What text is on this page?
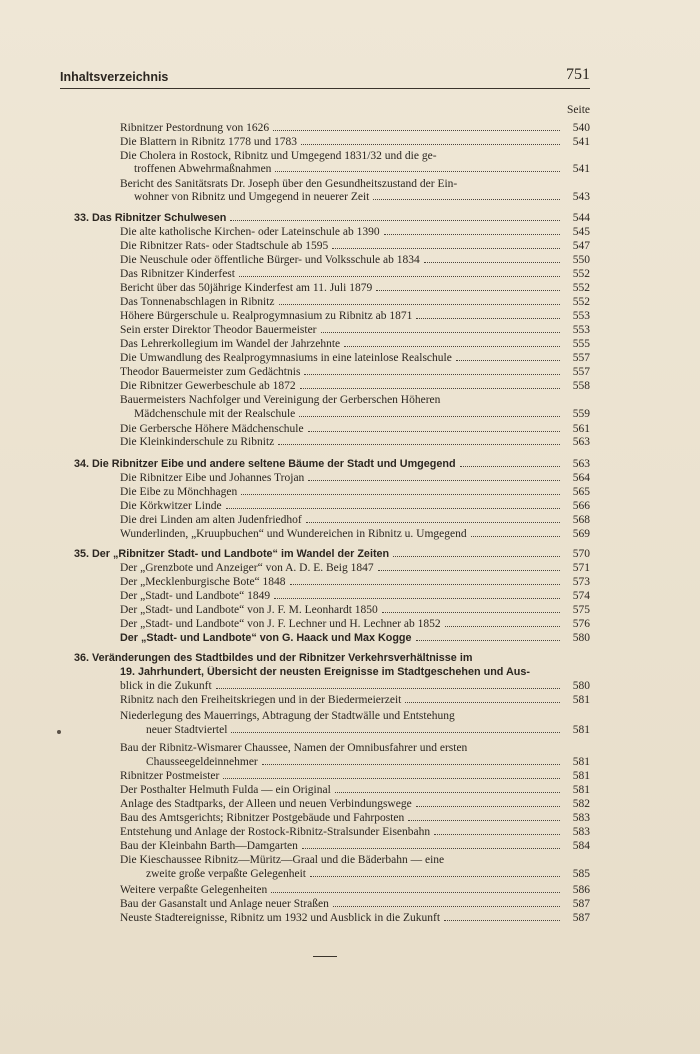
Inhaltsverzeichnis	751
Seite
Ribnitzer Pestordnung von 1626	540
Die Blattern in Ribnitz 1778 und 1783	541
Die Cholera in Rostock, Ribnitz und Umgegend 1831/32 und die ge-
troffenen Abwehrmaßnahmen	541
Bericht des Sanitätsrats Dr. Joseph über den Gesundheitszustand der Ein-
wohner von Ribnitz und Umgegend in neuerer Zeit	543
33. Das Ribnitzer Schulwesen	544
Die alte katholische Kirchen- oder Lateinschule ab 1390	545
Die Ribnitzer Rats- oder Stadtschule ab 1595	547
Die Neuschule oder öffentliche Bürger- und Volksschule ab 1834	550
Das Ribnitzer Kinderfest	552
Bericht über das 50jährige Kinderfest am 11. Juli 1879	552
Das Tonnenabschlagen in Ribnitz	552
Höhere Bürgerschule u. Realprogymnasium zu Ribnitz ab 1871	553
Sein erster Direktor Theodor Bauermeister	553
Das Lehrerkollegium im Wandel der Jahrzehnte	555
Die Umwandlung des Realprogymnasiums in eine lateinlose Realschule	557
Theodor Bauermeister zum Gedächtnis	557
Die Ribnitzer Gewerbeschule ab 1872	558
Bauermeisters Nachfolger und Vereinigung der Gerberschen Höheren
Mädchenschule mit der Realschule	559
Die Gerbersche Höhere Mädchenschule	561
Die Kleinkinderschule zu Ribnitz	563
34. Die Ribnitzer Eibe und andere seltene Bäume der Stadt und Umgegend	563
Die Ribnitzer Eibe und Johannes Trojan	564
Die Eibe zu Mönchhagen	565
Die Körkwitzer Linde	566
Die drei Linden am alten Judenfriedhof	568
Wunderlinden, „Kruupbuchen“ und Wundereichen in Ribnitz u. Umgegend	569
35. Der „Ribnitzer Stadt- und Landbote“ im Wandel der Zeiten	570
Der „Grenzbote und Anzeiger“ von A. D. E. Beig 1847	571
Der „Mecklenburgische Bote“ 1848	573
Der „Stadt- und Landbote“ 1849	574
Der „Stadt- und Landbote“ von J. F. M. Leonhardt 1850	575
Der „Stadt- und Landbote“ von J. F. Lechner und H. Lechner ab 1852	576
Der „Stadt- und Landbote“ von G. Haack und Max Kogge	580
36. Veränderungen des Stadtbildes und der Ribnitzer Verkehrsverhältnisse im
19. Jahrhundert, Übersicht der neusten Ereignisse im Stadtgeschehen und Aus-
blick in die Zukunft	580
Ribnitz nach den Freiheitskriegen und in der Biedermeierzeit	581
Niederlegung des Mauerrings, Abtragung der Stadtwälle und Entstehung
neuer Stadtviertel	581
Bau der Ribnitz-Wismarer Chaussee, Namen der Omnibusfahrer und ersten
Chausseegeldeinnehmer	581
Ribnitzer Postmeister	581
Der Posthalter Helmuth Fulda — ein Original	581
Anlage des Stadtparks, der Alleen und neuen Verbindungswege	582
Bau des Amtsgerichts; Ribnitzer Postgebäude und Fahrposten	583
Entstehung und Anlage der Rostock-Ribnitz-Stralsunder Eisenbahn	583
Bau der Kleinbahn Barth—Damgarten	584
Die Kieschaussee Ribnitz—Müritz—Graal und die Bäderbahn — eine
zweite große verpaßte Gelegenheit	585
Weitere verpaßte Gelegenheiten	586
Bau der Gasanstalt und Anlage neuer Straßen	587
Neuste Stadtereignisse, Ribnitz um 1932 und Ausblick in die Zukunft	587
